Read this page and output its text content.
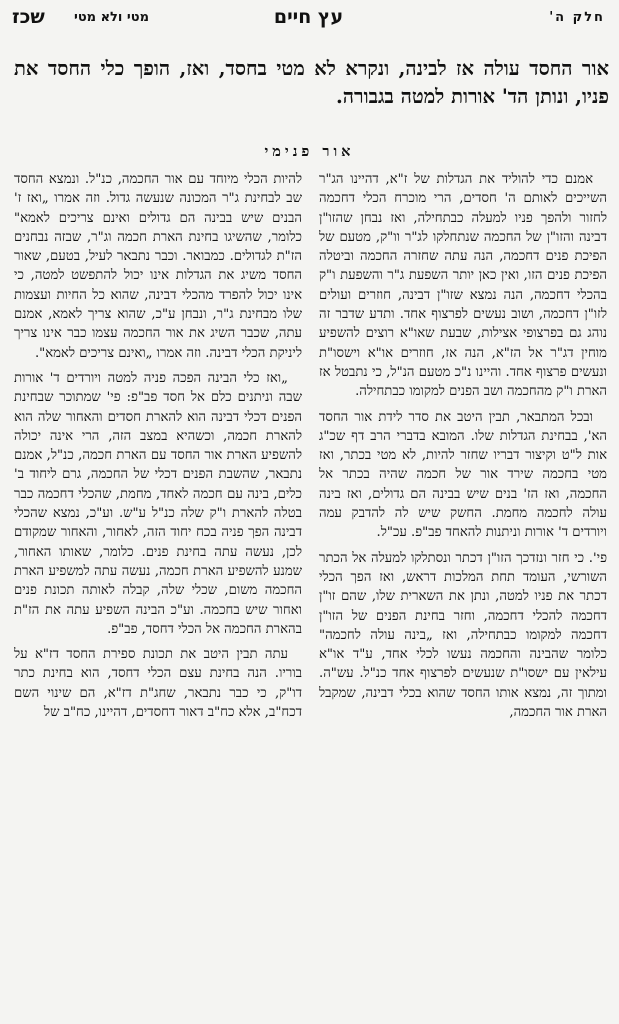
חלק ה'
עץ חיים
מטי ולא מטי
שכז
אור החסד עולה אז לבינה, ונקרא לא מטי בחסד, ואז, הופך כלי החסד את פניו, ונותן הד' אורות למטה בגבורה.
אור פנימי

אמנם כדי להוליד את הגדלות של ז"א, דהיינו הג"ר השייכים לאותם ה' חסדים, הרי מוכרח הכלי דחכמה לחזור ולהפך פניו למעלה כבתחילה, ואז נבחן שהזו"ן דבינה והזו"ן של החכמה שנתחלקו לג"ר וו"ק, מטעם של הפיכת פנים דחכמה, הנה עתה שחזרה החכמה וביטלה הפיכת פנים הזו, ואין כאן יותר השפעת ג"ר והשפעת ו"ק בהכלי דחכמה, הנה נמצא שזו"ן דבינה, חוזרים ועולים לזו"ן דחכמה, ושוב נעשים לפרצוף אחד. ותדע שדבר זה נוהג גם בפרצופי אצילות, שבעת שאו"א רוצים להשפיע מוחין דג"ר אל הז"א, הנה אז, חוזרים או"א וישסו"ת ונעשים פרצוף אחד. והיינו נ"כ מטעם הנ"ל, כי נתבטל אז הארת ו"ק מהחכמה ושב הפנים למקומו כבתחילה.

ובכל המתבאר, תבין היטב את סדר לידת אור החסד הא', בבחינת הגדלות שלו. המובא בדברי הרב דף שכ"ג אות ל"ט וקיצור דבריו שחזר להיות, לא מטי בכתר, ואז מטי בחכמה שירד אור של חכמה שהיה בכתר אל החכמה, ואז הז' בנים שיש בבינה הם גדולים, ואז בינה עולה לחכמה מחמת. החשק שיש לה להדבק עמה ויורדים ד' אורות וניתנות להאחד פב"פ. עכ"ל.

פי'. כי חזר ונזדכך הזו"ן דכתר ונסתלקו למעלה אל הכתר השורשי, העומד תחת המלכות דראש, ואז הפך הכלי דכתר את פניו למטה, ונתן את השארית שלו, שהם זו"ן דחכמה להכלי דחכמה, וחזר בחינת הפנים של הזו"ן דחכמה למקומו כבתחילה, ואז „בינה עולה לחכמה" כלומר שהבינה והחכמה נעשו לכלי אחד, ע"ד או"א עילאין עם ישסו"ת שנעשים לפרצוף אחד כנ"ל. עש"ה. ומתוך זה, נמצא אותו החסד שהוא בכלי דבינה, שמקבל הארת אור החכמה,

להיות הכלי מיוחד עם אור החכמה, כנ"ל. ונמצא החסד שב לבחינת ג"ר המכונה שנעשה גדול. וזה אמרו „ואז ז' הבנים שיש בבינה הם גדולים ואינם צריכים לאמא" כלומר, שהשיגו בחינת הארת חכמה וג"ר, שבזה נבחנים הז"ת לגדולים. כמבואר. וכבר נתבאר לעיל, בטעם, שאור החסד משיג את הגדלות אינו יכול להתפשט למטה, כי אינו יכול להפרד מהכלי דבינה, שהוא כל החיות ועצמות שלו מבחינת ג"ר, ונבחן ע"כ, שהוא צריך לאמא, אמנם עתה, שכבר השיג את אור החכמה עצמו כבר אינו צריך ליניקת הכלי דבינה. וזה אמרו „ואינם צריכים לאמא".

„ואז כלי הבינה הפכה פניה למטה ויורדים ד' אורות שבה וניתנים כלם אל חסד פב"פ: פי' שמתוכר שבחינת הפנים דכלי דבינה הוא להארת חסדים והאחור שלה הוא להארת חכמה, וכשהיא במצב הזה, הרי אינה יכולה להשפיע הארת אור החסד עם הארת חכמה, כנ"ל, אמנם נתבאר, שהשבת הפנים דכלי של החכמה, גרם ליחוד ב' כלים, בינה עם חכמה לאחד, מחמת, שהכלי דחכמה כבר בטלה להארת ו"ק שלה כנ"ל ע"ש. וע"כ, נמצא שהכלי דבינה הפך פניה בכח יחוד הזה, לאחור, והאחור שמקודם לכן, נעשה עתה בחינת פנים. כלומר, שאותו האחור, שמנע להשפיע הארת חכמה, נעשה עתה למשפיע הארת החכמה משום, שכלי שלה, קבלה לאותה תכונת פנים ואחור שיש בחכמה. וע"כ הבינה השפיע עתה את הז"ת בהארת החכמה אל הכלי דחסד, פב"פ.

עתה תבין היטב את תכונת ספירת החסד דז"א על בוריו. הנה בחינת עצם הכלי דחסד, הוא בחינת כתר דו"ק, כי כבר נתבאר, שחג"ת דז"א, הם שינוי השם דכח"ב, אלא כח"ב דאור דחסדים, דהיינו, כח"ב של
